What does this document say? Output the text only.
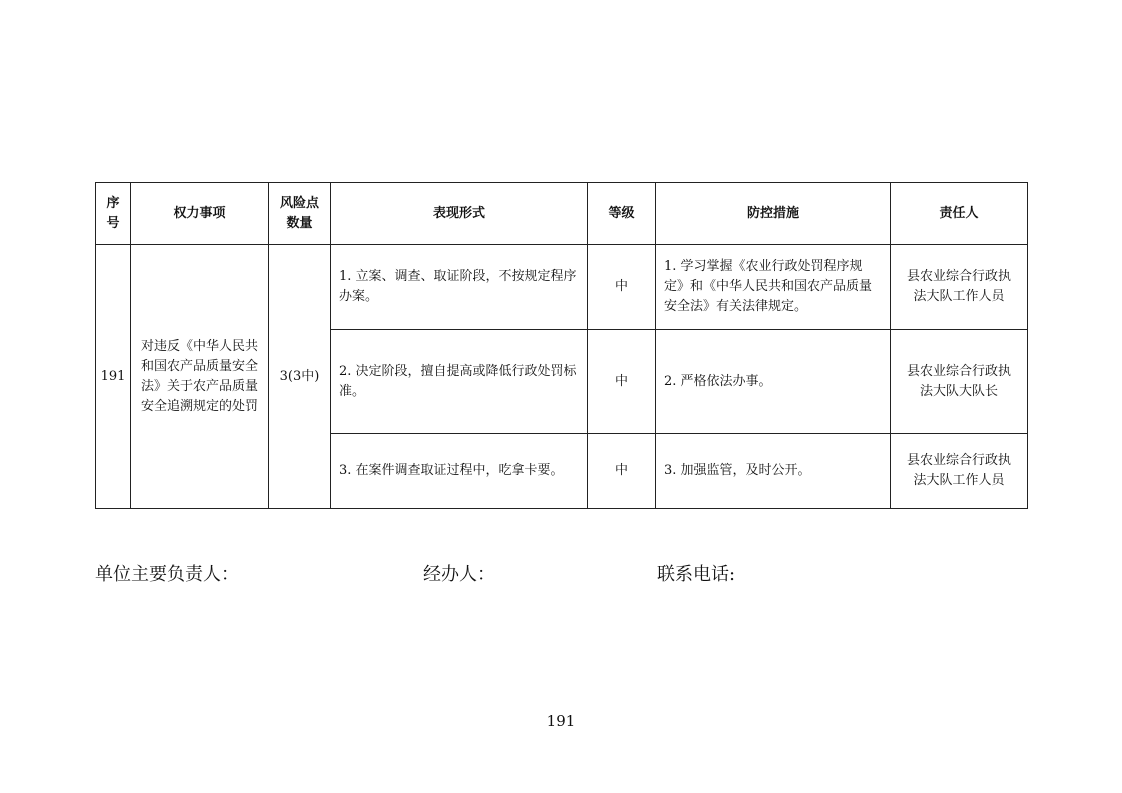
序号	权力事项	风险点数量	表现形式	等级	防控措施	责任人
191	对违反《中华人民共和国农产品质量安全法》关于农产品质量安全追溯规定的处罚	3(3中)	1. 立案、调查、取证阶段，不按规定程序办案。	中	1. 学习掌握《农业行政处罚程序规定》和《中华人民共和国农产品质量安全法》有关法律规定。	县农业综合行政执法大队工作人员
			2. 决定阶段，擅自提高或降低行政处罚标准。	中	2. 严格依法办事。	县农业综合行政执法大队大队长
			3. 在案件调查取证过程中，吃拿卡要。	中	3. 加强监管，及时公开。	县农业综合行政执法大队工作人员
单位主要负责人：	经办人：	联系电话:
191
